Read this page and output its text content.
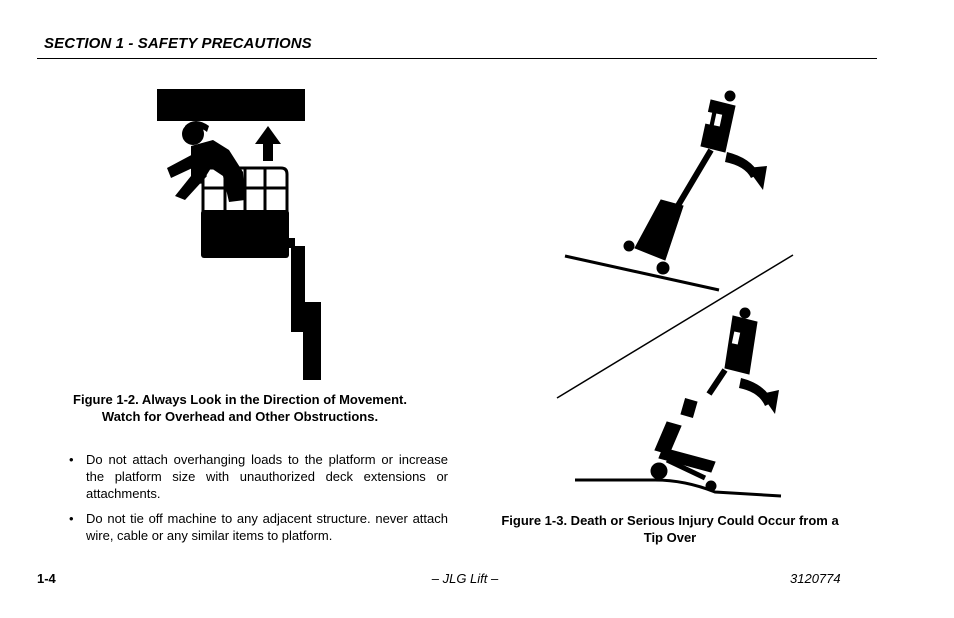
SECTION 1 - SAFETY PRECAUTIONS
Figure 1-2. Always Look in the Direction of Movement.
Watch for Overhead and Other Obstructions.
• Do not attach overhanging loads to the platform or increase the platform size with unauthorized deck extensions or attachments.
• Do not tie off machine to any adjacent structure. never attach wire, cable or any similar items to platform.
Figure 1-3. Death or Serious Injury Could Occur from a
Tip Over
1-4	– JLG Lift –	3120774
